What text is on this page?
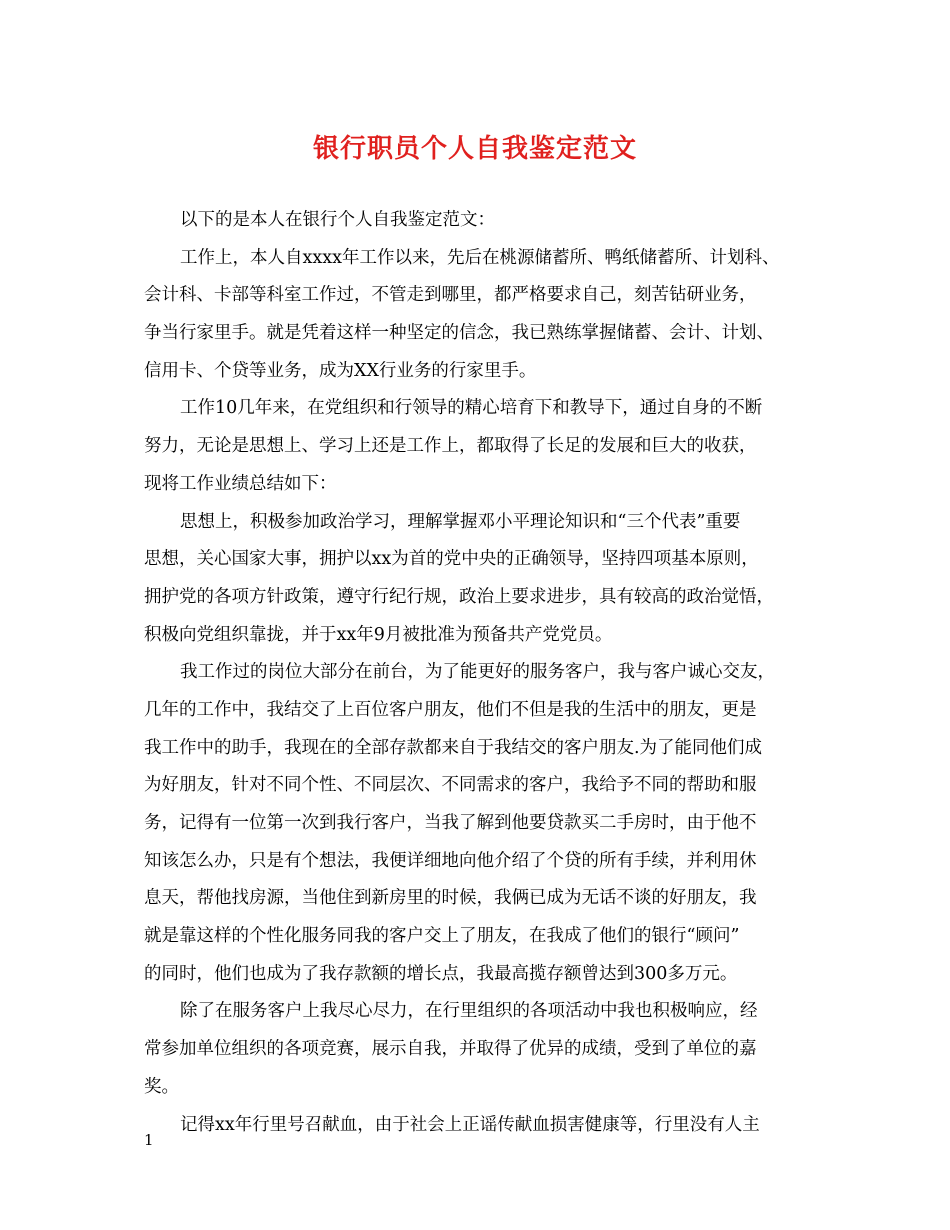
银行职员个人自我鉴定范文
以下的是本人在银行个人自我鉴定范文：
工作上，本人自xxxx年工作以来，先后在桃源储蓄所、鸭纸储蓄所、计划科、
会计科、卡部等科室工作过，不管走到哪里，都严格要求自己，刻苦钻研业务，
争当行家里手。就是凭着这样一种坚定的信念，我已熟练掌握储蓄、会计、计划、
信用卡、个贷等业务，成为XX行业务的行家里手。
工作10几年来，在党组织和行领导的精心培育下和教导下，通过自身的不断
努力，无论是思想上、学习上还是工作上，都取得了长足的发展和巨大的收获，
现将工作业绩总结如下：
思想上，积极参加政治学习，理解掌握邓小平理论知识和“三个代表”重要
思想，关心国家大事，拥护以xx为首的党中央的正确领导，坚持四项基本原则，
拥护党的各项方针政策，遵守行纪行规，政治上要求进步，具有较高的政治觉悟，
积极向党组织靠拢，并于xx年9月被批准为预备共产党党员。
我工作过的岗位大部分在前台，为了能更好的服务客户，我与客户诚心交友，
几年的工作中，我结交了上百位客户朋友，他们不但是我的生活中的朋友，更是
我工作中的助手，我现在的全部存款都来自于我结交的客户朋友.为了能同他们成
为好朋友，针对不同个性、不同层次、不同需求的客户，我给予不同的帮助和服
务，记得有一位第一次到我行客户，当我了解到他要贷款买二手房时，由于他不
知该怎么办，只是有个想法，我便详细地向他介绍了个贷的所有手续，并利用休
息天，帮他找房源，当他住到新房里的时候，我俩已成为无话不谈的好朋友，我
就是靠这样的个性化服务同我的客户交上了朋友，在我成了他们的银行“顾问”
的同时，他们也成为了我存款额的增长点，我最高揽存额曾达到300多万元。
除了在服务客户上我尽心尽力，在行里组织的各项活动中我也积极响应，经
常参加单位组织的各项竞赛，展示自我，并取得了优异的成绩，受到了单位的嘉
奖。
记得xx年行里号召献血，由于社会上正谣传献血损害健康等，行里没有人主
1
